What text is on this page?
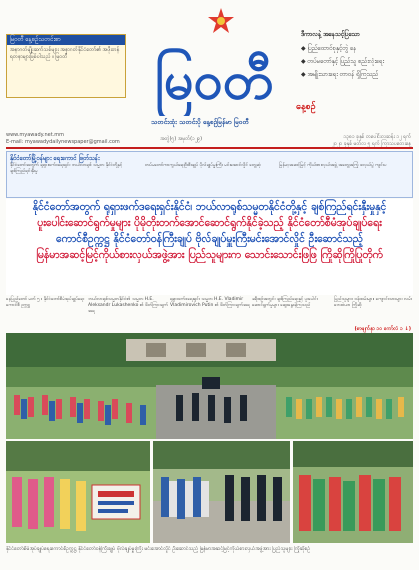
မြဝတီ နေ့စဉ်သတင်းစာ
အနာဂတ်မျိုးဆက်သစ်များ အနာဂတ်နိုင်ငံတော်၏ အဖိုးတန်ရတနာများဖြစ်ပါသည် ။ မြဝတီ	မြဝတီ	နေ့စဉ်
ဒီကာလနဲ့ အနေသင့်ပြသော
◆ ပြည်ထောင်စုနှင့်တွဲ နေ
◆ တပ်မတော်နှင့် ပြည်သူ စည်းလုံးရေး
◆ အမျိုးသားရေး တာဝန် ရှိကြသည်
သတင်းထုံး သတင်းပို နေ့စဉ်မြန်မာ မြဝတီ
www.myawady.net.mm
E-mail: myawadydailynewspaper@gmail.com	အတွဲ(၅) အမှတ်(၁၂၉)	၁၃၈၁ ခုနှစ် တပေါင်းလဆန်း ၁၂ ရက်
၂၀၂၀ ခုနှစ် မတ်လ ၅ ရက် ကြာသပတေးနေ့
နိုင်ငံတော်မြို့ဝန်များ ရေးကောင် ဖြတ်သန်း
နိုင်ငံတော်အတွက် ရုရှားဖက်ဒရေးရှင်း ဘယ်လာရုစ် သမ္မတ နိုင်ငံတို့နှင့် ချစ်ကြည်ရင်းနှီးမှု
တပ်မတော်ကာကွယ်ရေးဦးစီးချုပ် ပိုလ်ချုပ်မှူးကြီး မင်းအောင်လှိုင် တွေ့ဆုံ	မြန်မာ့အဆင့်မြင့် ကိုယ်စားလှယ်အဖွဲ့ အတွေ့အကြုံ ဖလှယ်ပွဲ ကျင်းပ
နိုင်ငံတော်အတွက် ရုရှားဖက်ဒရေးရှင်းနိုင်ငံ၊ ဘယ်လာရုစ်သမ္မတနိုင်ငံတို့နှင့် ချစ်ကြည်ရင်းနှီးမှုနှင့်
ပူးပေါင်းဆောင်ရွက်မှုများ ပိုမိုတိုးတက်အောင်ဆောင်ရွက်နိုင်ခဲ့သည့် နိုင်ငံတော်စီမံအုပ်ချုပ်ရေး
ကောင်စီဥက္ကဋ္ဌ နိုင်ငံတော်ဝန်ကြီးချုပ် ဗိုလ်ချုပ်မှူးကြီးမင်းအောင်လှိုင် ဦးဆောင်သည့်
မြန်မာအဆင့်မြင့်ကိုယ်စားလှယ်အဖွဲ့အား ပြည်သူများက သောင်းသောင်းဖြဖြ ကြိုဆိုကြိုပြုတိုက်
နေပြည်တော် မတ် ၅ ။ နိုင်ငံတော်စီမံအုပ်ချုပ်ရေးကောင်စီ ဥက္ကဋ္ဌ
ဘယ်လာရုစ်သမ္မတနိုင်ငံ၏ သမ္မတ H.E. Aleksandr Lukashenko ၏ ဖိတ်ကြားချက်အရ
ရုရှားဖက်ဒရေးရှင်း သမ္မတ H.E. Vladimir Vladimirovich Putin ၏ ဖိတ်ကြားချက်အရ
ခရီးစဉ်အတွင်း ချစ်ကြည်ရေးနှင့် ပူးပေါင်းဆောင်ရွက်မှုများ ဆွေးနွေးခဲ့ကြသည်
ပြည်သူများ၊ ဝန်ထမ်းများ၊ ကျောင်းသားများ လမ်းဘေးဝဲယာ ကြိုဆို
(စာမျက်နှာ ၁၀ ကော်လံ ၁ ↓)
နိုင်ငံတော်စီမံအုပ်ချုပ်ရေးကောင်စီဥက္ကဋ္ဌ နိုင်ငံတော်ဝန်ကြီးချုပ် ဗိုလ်ချုပ်မှူးကြီး မင်းအောင်လှိုင် ဦးဆောင်သည့် မြန်မာအဆင့်မြင့်ကိုယ်စားလှယ်အဖွဲ့အား ပြည်သူများ ကြိုဆိုစဉ်
